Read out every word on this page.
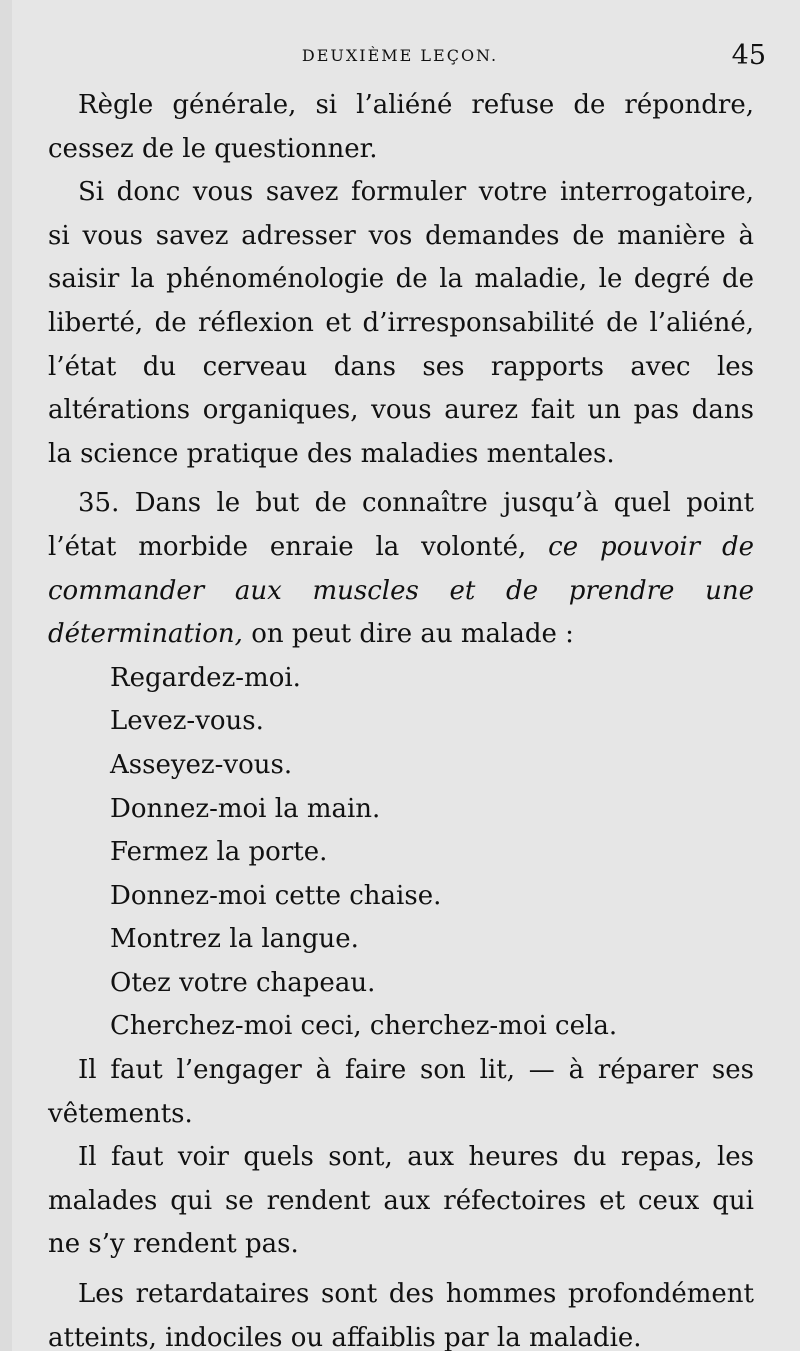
DEUXIÈME LEÇON.	45

Règle générale, si l’aliéné refuse de répondre, cessez de le questionner.

Si donc vous savez formuler votre interrogatoire, si vous savez adresser vos demandes de manière à saisir la phénoménologie de la maladie, le degré de liberté, de réflexion et d’irresponsabilité de l’aliéné, l’état du cerveau dans ses rapports avec les altérations organiques, vous aurez fait un pas dans la science pratique des maladies mentales.

35. Dans le but de connaître jusqu’à quel point l’état morbide enraie la volonté, ce pouvoir de commander aux muscles et de prendre une détermination, on peut dire au malade :

Regardez-moi.

Levez-vous.

Asseyez-vous.

Donnez-moi la main.

Fermez la porte.

Donnez-moi cette chaise.

Montrez la langue.

Otez votre chapeau.

Cherchez-moi ceci, cherchez-moi cela.

Il faut l’engager à faire son lit, — à réparer ses vêtements.

Il faut voir quels sont, aux heures du repas, les malades qui se rendent aux réfectoires et ceux qui ne s’y rendent pas.

Les retardataires sont des hommes profondément atteints, indociles ou affaiblis par la maladie.
